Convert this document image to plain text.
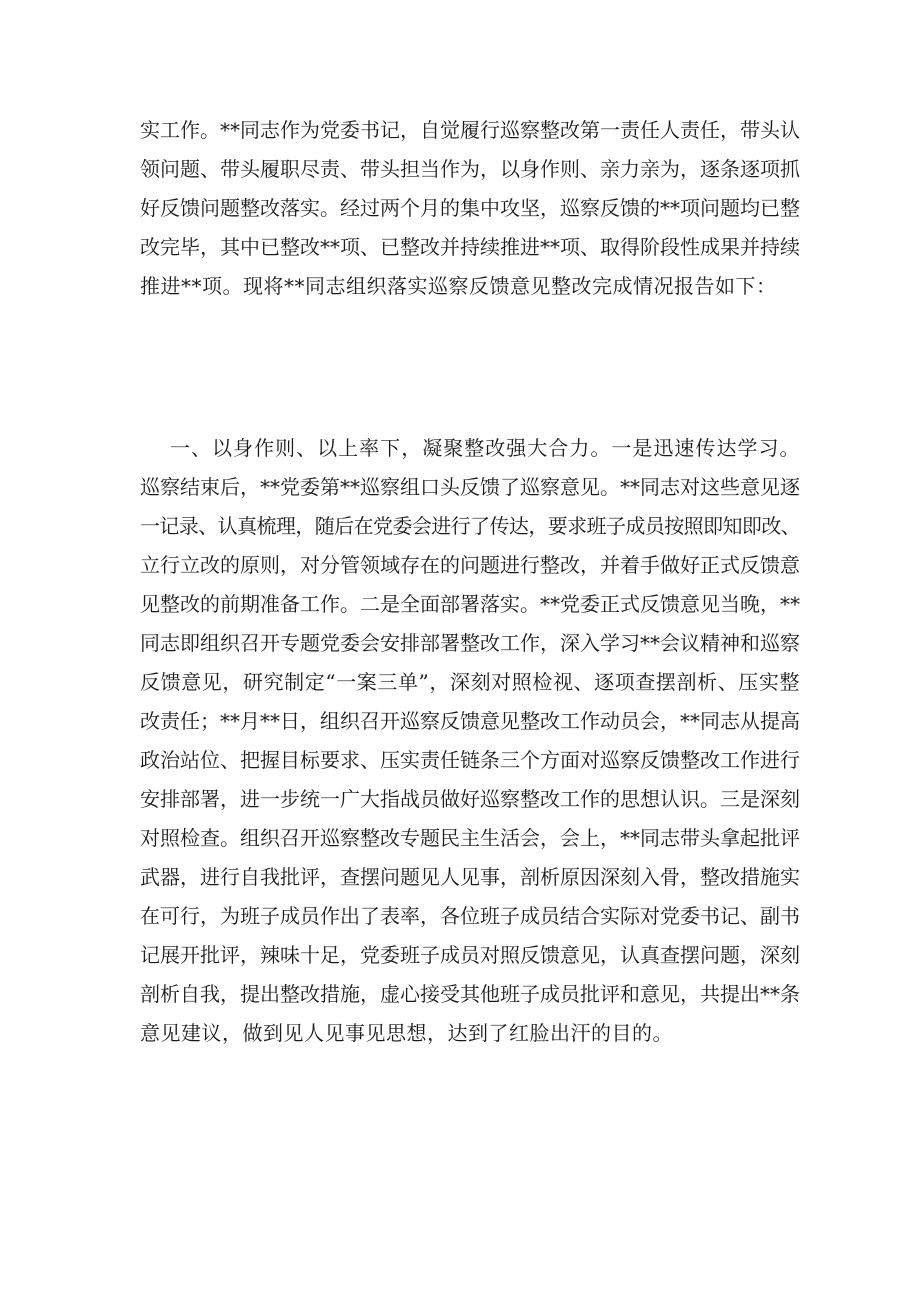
实工作。**同志作为党委书记，自觉履行巡察整改第一责任人责任，带头认
领问题、带头履职尽责、带头担当作为，以身作则、亲力亲为，逐条逐项抓
好反馈问题整改落实。经过两个月的集中攻坚，巡察反馈的**项问题均已整
改完毕，其中已整改**项、已整改并持续推进**项、取得阶段性成果并持续
推进**项。现将**同志组织落实巡察反馈意见整改完成情况报告如下：
一、以身作则、以上率下，凝聚整改强大合力。一是迅速传达学习。
巡察结束后，**党委第**巡察组口头反馈了巡察意见。**同志对这些意见逐
一记录、认真梳理，随后在党委会进行了传达，要求班子成员按照即知即改、
立行立改的原则，对分管领域存在的问题进行整改，并着手做好正式反馈意
见整改的前期准备工作。二是全面部署落实。**党委正式反馈意见当晚，**
同志即组织召开专题党委会安排部署整改工作，深入学习**会议精神和巡察
反馈意见，研究制定“一案三单”，深刻对照检视、逐项查摆剖析、压实整
改责任；**月**日，组织召开巡察反馈意见整改工作动员会，**同志从提高
政治站位、把握目标要求、压实责任链条三个方面对巡察反馈整改工作进行
安排部署，进一步统一广大指战员做好巡察整改工作的思想认识。三是深刻
对照检查。组织召开巡察整改专题民主生活会，会上，**同志带头拿起批评
武器，进行自我批评，查摆问题见人见事，剖析原因深刻入骨，整改措施实
在可行，为班子成员作出了表率，各位班子成员结合实际对党委书记、副书
记展开批评，辣味十足，党委班子成员对照反馈意见，认真查摆问题，深刻
剖析自我，提出整改措施，虚心接受其他班子成员批评和意见，共提出**条
意见建议，做到见人见事见思想，达到了红脸出汗的目的。
